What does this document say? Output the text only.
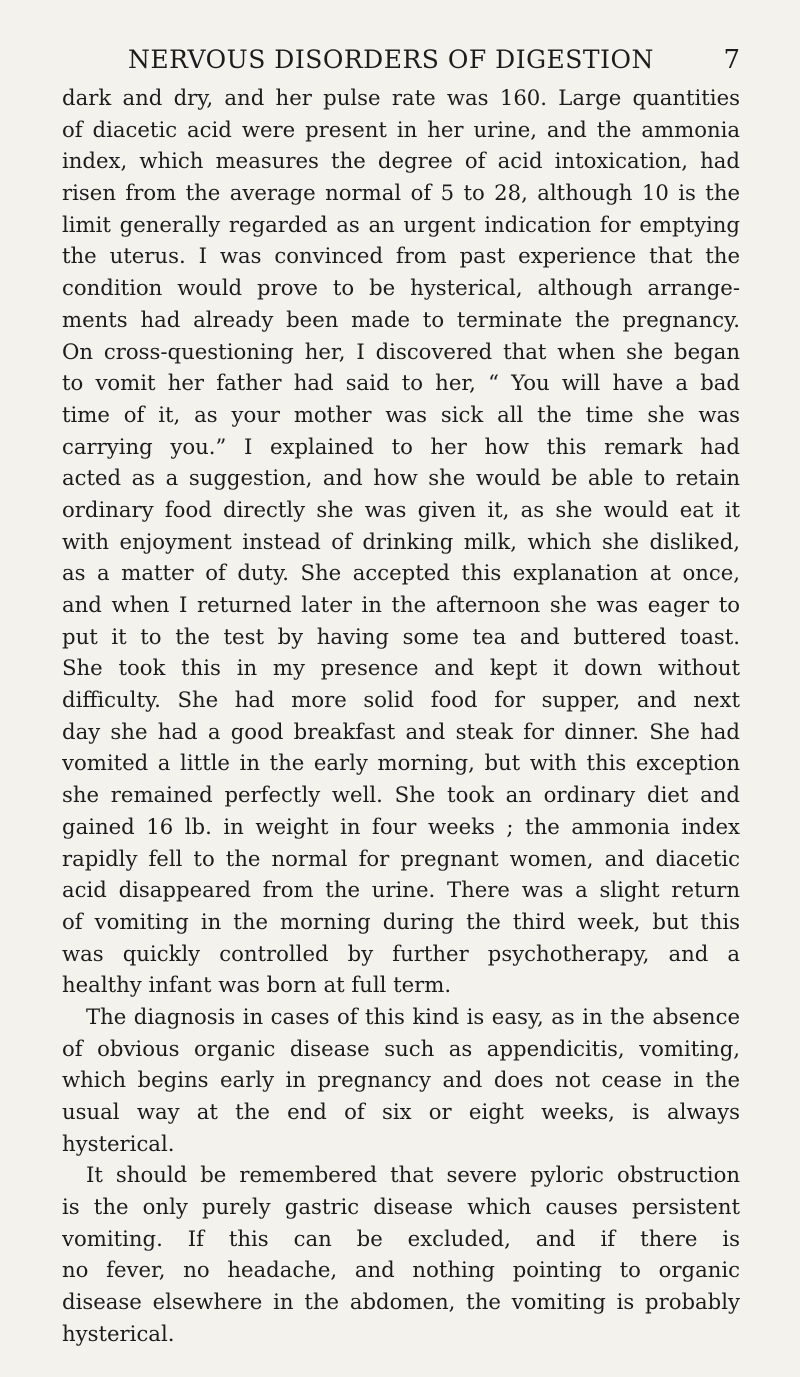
NERVOUS DISORDERS OF DIGESTION	7
dark and dry, and her pulse rate was 160. Large quantities
of diacetic acid were present in her urine, and the ammonia
index, which measures the degree of acid intoxication, had
risen from the average normal of 5 to 28, although 10 is the
limit generally regarded as an urgent indication for emptying
the uterus. I was convinced from past experience that the
condition would prove to be hysterical, although arrange-
ments had already been made to terminate the pregnancy.
On cross-questioning her, I discovered that when she began
to vomit her father had said to her, “ You will have a bad
time of it, as your mother was sick all the time she was
carrying you.” I explained to her how this remark had
acted as a suggestion, and how she would be able to retain
ordinary food directly she was given it, as she would eat it
with enjoyment instead of drinking milk, which she disliked,
as a matter of duty. She accepted this explanation at once,
and when I returned later in the afternoon she was eager to
put it to the test by having some tea and buttered toast.
She took this in my presence and kept it down without
difficulty. She had more solid food for supper, and next
day she had a good breakfast and steak for dinner. She had
vomited a little in the early morning, but with this exception
she remained perfectly well. She took an ordinary diet and
gained 16 lb. in weight in four weeks ; the ammonia index
rapidly fell to the normal for pregnant women, and diacetic
acid disappeared from the urine. There was a slight return
of vomiting in the morning during the third week, but this
was quickly controlled by further psychotherapy, and a
healthy infant was born at full term.
The diagnosis in cases of this kind is easy, as in the absence
of obvious organic disease such as appendicitis, vomiting,
which begins early in pregnancy and does not cease in the
usual way at the end of six or eight weeks, is always
hysterical.
It should be remembered that severe pyloric obstruction
is the only purely gastric disease which causes persistent
vomiting. If this can be excluded, and if there is
no fever, no headache, and nothing pointing to organic
disease elsewhere in the abdomen, the vomiting is probably
hysterical.
